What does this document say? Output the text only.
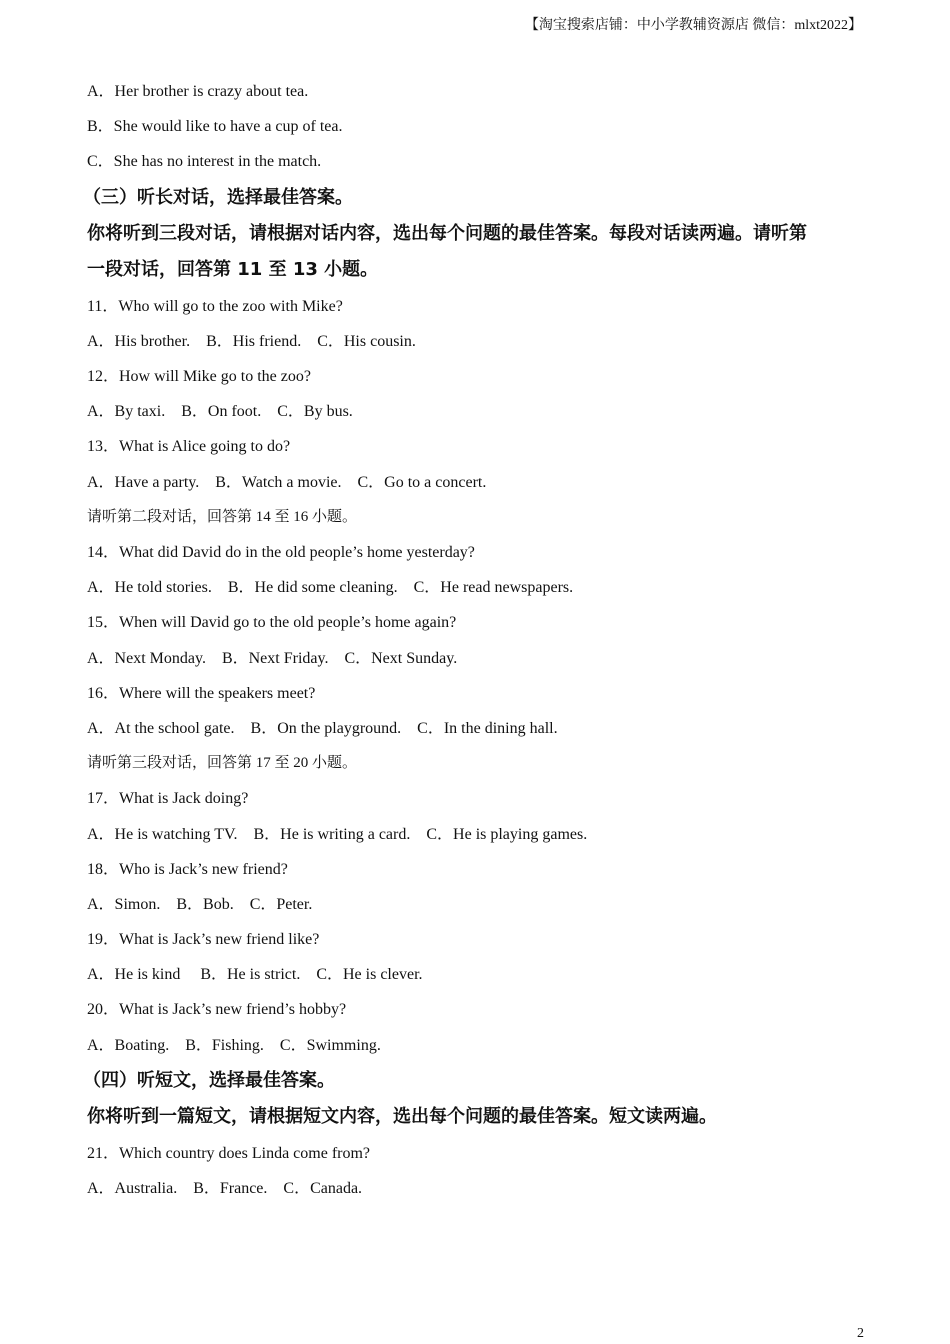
【淘宝搜索店铺：中小学教辅资源店 微信：mlxt2022】
A．Her brother is crazy about tea.
B．She would like to have a cup of tea.
C．She has no interest in the match.
（三）听长对话，选择最佳答案。
你将听到三段对话，请根据对话内容，选出每个问题的最佳答案。每段对话读两遍。请听第
一段对话，回答第 11 至 13 小题。
11．Who will go to the zoo with Mike?
A．His brother.    B．His friend.    C．His cousin.
12．How will Mike go to the zoo?
A．By taxi.    B．On foot.    C．By bus.
13．What is Alice going to do?
A．Have a party.    B．Watch a movie.    C．Go to a concert.
请听第二段对话，回答第 14 至 16 小题。
14．What did David do in the old people’s home yesterday?
A．He told stories.    B．He did some cleaning.    C．He read newspapers.
15．When will David go to the old people’s home again?
A．Next Monday.    B．Next Friday.    C．Next Sunday.
16．Where will the speakers meet?
A．At the school gate.    B．On the playground.    C．In the dining hall.
请听第三段对话，回答第 17 至 20 小题。
17．What is Jack doing?
A．He is watching TV.    B．He is writing a card.    C．He is playing games.
18．Who is Jack’s new friend?
A．Simon.    B．Bob.    C．Peter.
19．What is Jack’s new friend like?
A．He is kind     B．He is strict.    C．He is clever.
20．What is Jack’s new friend’s hobby?
A．Boating.    B．Fishing.    C．Swimming.
（四）听短文，选择最佳答案。
你将听到一篇短文，请根据短文内容，选出每个问题的最佳答案。短文读两遍。
21．Which country does Linda come from?
A．Australia.    B．France.    C．Canada.
2
